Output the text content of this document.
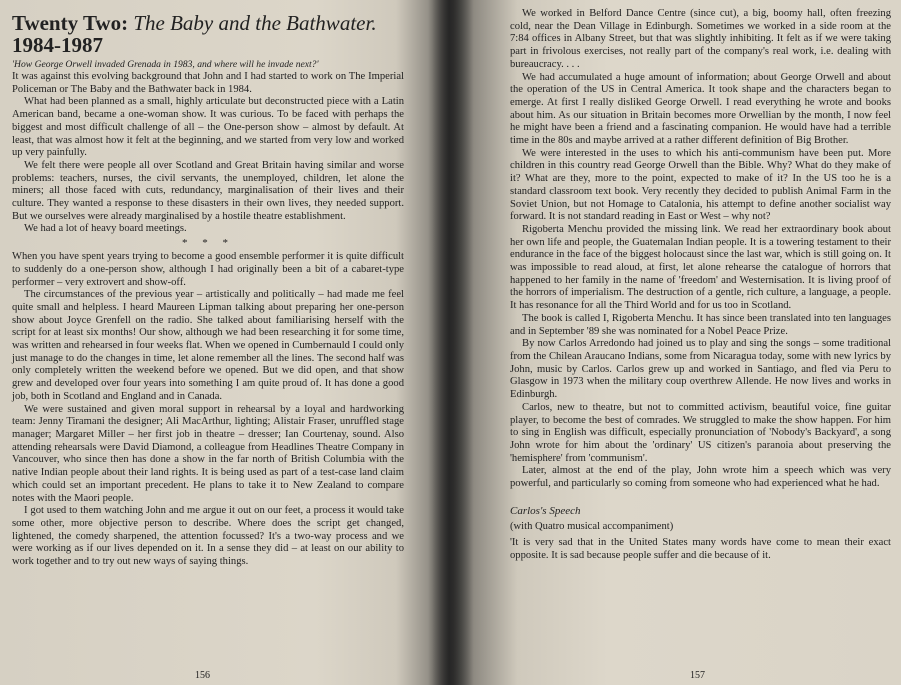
Twenty Two: The Baby and the Bathwater.
1984-1987

'How George Orwell invaded Grenada in 1983, and where will he invade next?'

It was against this evolving background that John and I had started to work on The Imperial Policeman or The Baby and the Bathwater back in 1984.

What had been planned as a small, highly articulate but deconstructed piece with a Latin American band, became a one-woman show. It was curious. To be faced with perhaps the biggest and most difficult challenge of all – the One-person show – almost by default. At least, that was almost how it felt at the beginning, and we started from very low and worked up very painfully.

We felt there were people all over Scotland and Great Britain having similar and worse problems: teachers, nurses, the civil servants, the unemployed, children, let alone the miners; all those faced with cuts, redundancy, marginalisation of their lives and their culture. They wanted a response to these disasters in their own lives, they needed support. But we ourselves were already marginalised by a hostile theatre establishment.

We had a lot of heavy board meetings.

* * *

When you have spent years trying to become a good ensemble performer it is quite difficult to suddenly do a one-person show, although I had originally been a bit of a cabaret-type performer – very extrovert and show-off.

The circumstances of the previous year – artistically and politically – had made me feel quite small and helpless. I heard Maureen Lipman talking about preparing her one-person show about Joyce Grenfell on the radio. She talked about familiarising herself with the script for at least six months! Our show, although we had been researching it for some time, was written and rehearsed in four weeks flat. When we opened in Cumbernauld I could only just manage to do the changes in time, let alone remember all the lines. The second half was only completely written the weekend before we opened. But we did open, and that show grew and developed over four years into something I am quite proud of. It has done a good job, both in Scotland and England and in Canada.

We were sustained and given moral support in rehearsal by a loyal and hardworking team: Jenny Tiramani the designer; Ali MacArthur, lighting; Alistair Fraser, unruffled stage manager; Margaret Miller – her first job in theatre – dresser; Ian Courtenay, sound. Also attending rehearsals were David Diamond, a colleague from Headlines Theatre Company in Vancouver, who since then has done a show in the far north of British Columbia with the native Indian people about their land rights. It is being used as part of a test-case land claim which could set an important precedent. He plans to take it to New Zealand to compare notes with the Maori people.

I got used to them watching John and me argue it out on our feet, a process it would take some other, more objective person to describe. Where does the script get changed, lightened, the comedy sharpened, the attention focussed? It's a two-way process and we were working as if our lives depended on it. In a sense they did – at least on our ability to work together and to try out new ways of saying things.

156

We worked in Belford Dance Centre (since cut), a big, boomy hall, often freezing cold, near the Dean Village in Edinburgh. Sometimes we worked in a side room at the 7:84 offices in Albany Street, but that was slightly inhibiting. It felt as if we were taking part in frivolous exercises, not really part of the company's real work, i.e. dealing with bureaucracy. . . .

We had accumulated a huge amount of information; about George Orwell and about the operation of the US in Central America. It took shape and the characters began to emerge. At first I really disliked George Orwell. I read everything he wrote and books about him. As our situation in Britain becomes more Orwellian by the month, I now feel he might have been a friend and a fascinating companion. He would have had a terrible time in the 80s and maybe arrived at a rather different definition of Big Brother.

We were interested in the uses to which his anti-communism have been put. More children in this country read George Orwell than the Bible. Why? What do they make of it? What are they, more to the point, expected to make of it? In the US too he is a standard classroom text book. Very recently they decided to publish Animal Farm in the Soviet Union, but not Homage to Catalonia, his attempt to define another socialist way forward. It is not standard reading in East or West – why not?

Rigoberta Menchu provided the missing link. We read her extraordinary book about her own life and people, the Guatemalan Indian people. It is a towering testament to their endurance in the face of the biggest holocaust since the last war, which is still going on. It was impossible to read aloud, at first, let alone rehearse the catalogue of horrors that happened to her family in the name of 'freedom' and Westernisation. It is living proof of the horrors of imperialism. The destruction of a gentle, rich culture, a language, a people. It has resonance for all the Third World and for us too in Scotland.

The book is called I, Rigoberta Menchu. It has since been translated into ten languages and in September '89 she was nominated for a Nobel Peace Prize.

By now Carlos Arredondo had joined us to play and sing the songs – some traditional from the Chilean Araucano Indians, some from Nicaragua today, some with new lyrics by John, music by Carlos. Carlos grew up and worked in Santiago, and fled via Peru to Glasgow in 1973 when the military coup overthrew Allende. He now lives and works in Edinburgh.

Carlos, new to theatre, but not to committed activism, beautiful voice, fine guitar player, to become the best of comrades. We struggled to make the show happen. For him to sing in English was difficult, especially pronunciation of 'Nobody's Backyard', a song John wrote for him about the 'ordinary' US citizen's paranoia about preserving the 'hemisphere' from 'communism'.

Later, almost at the end of the play, John wrote him a speech which was very powerful, and particularly so coming from someone who had experienced what he had.

Carlos's Speech

(with Quatro musical accompaniment)

'It is very sad that in the United States many words have come to mean their exact opposite. It is sad because people suffer and die because of it.

157
